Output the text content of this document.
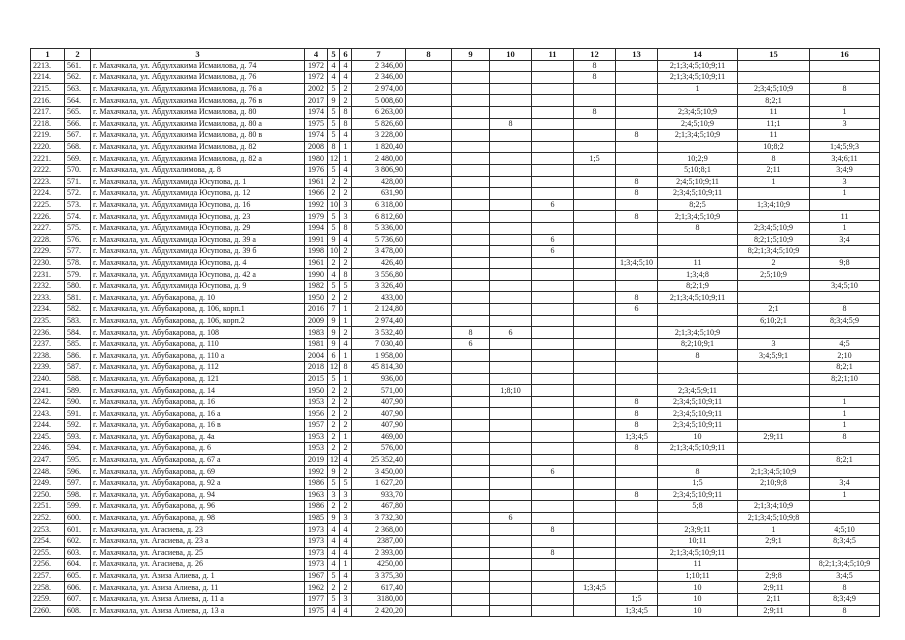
1	2	3	4	5	6	7	8	9	10	11	12	13	14	15	16
2213.	561.	г. Махачкала, ул. Абдулхакима Исмаилова, д. 74	1972	4	4	2 346,00					8		2;1;3;4;5;10;9;11		
2214.	562.	г. Махачкала, ул. Абдулхакима Исмаилова, д. 76	1972	4	4	2 346,00					8		2;1;3;4;5;10;9;11		
2215.	563.	г. Махачкала, ул. Абдулхакима Исмаилова, д. 76 а	2002	5	2	2 974,00							1	2;3;4;5;10;9	8
2216.	564.	г. Махачкала, ул. Абдулхакима Исмаилова, д. 76 в	2017	9	2	5 008,60								8;2;1	
2217.	565.	г. Махачкала, ул. Абдулхакима Исмаилова, д. 80	1974	5	8	6 263,00					8		2;3;4;5;10;9	11	1
2218.	566.	г. Махачкала, ул. Абдулхакима Исмаилова, д. 80 а	1975	5	8	5 826,60			8				2;4;5;10;9	11;1	3
2219.	567.	г. Махачкала, ул. Абдулхакима Исмаилова, д. 80 в	1974	5	4	3 228,00						8	2;1;3;4;5;10;9	11	
2220.	568.	г. Махачкала, ул. Абдулхакима Исмаилова, д. 82	2008	8	1	1 820,40								10;8;2	1;4;5;9;3
2221.	569.	г. Махачкала, ул. Абдулхакима Исмаилова, д. 82 а	1980	12	1	2 480,00					1;5		10;2;9	8	3;4;6;11
2222.	570.	г. Махачкала, ул. Абдулхалимова, д. 8	1976	5	4	3 806,90							5;10;8;1	2;11	3;4;9
2223.	571.	г. Махачкала, ул. Абдулхамида Юсупова, д. 1	1961	2	2	428,00						8	2;4;5;10;9;11	1	3
2224.	572.	г. Махачкала, ул. Абдулхамида Юсупова, д. 12	1966	2	2	631,90						8	2;3;4;5;10;9;11		1
2225.	573.	г. Махачкала, ул. Абдулхамида Юсупова, д. 16	1992	10	3	6 318,00				6			8;2;5	1;3;4;10;9	
2226.	574.	г. Махачкала, ул. Абдулхамида Юсупова, д. 23	1979	5	3	6 812,60						8	2;1;3;4;5;10;9		11
2227.	575.	г. Махачкала, ул. Абдулхамида Юсупова, д. 29	1994	5	8	5 336,00							8	2;3;4;5;10;9	1
2228.	576.	г. Махачкала, ул. Абдулхамида Юсупова, д. 39 а	1991	9	4	5 736,60				6				8;2;1;5;10;9	3;4
2229.	577.	г. Махачкала, ул. Абдулхамида Юсупова, д. 39 б	1998	10	2	3 478,00				6				8;2;1;3;4;5;10;9	
2230.	578.	г. Махачкала, ул. Абдулхамида Юсупова, д. 4	1961	2	2	426,40						1;3;4;5;10	11	2	9;8
2231.	579.	г. Махачкала, ул. Абдулхамида Юсупова, д. 42 а	1990	4	8	3 556,80							1;3;4;8	2;5;10;9	
2232.	580.	г. Махачкала, ул. Абдулхамида Юсупова, д. 9	1982	5	5	3 326,40							8;2;1;9		3;4;5;10
2233.	581.	г. Махачкала, ул. Абубакарова, д. 10	1950	2	2	433,00						8	2;1;3;4;5;10;9;11		
2234.	582.	г. Махачкала, ул. Абубакарова, д. 106, корп.1	2016	7	1	2 124,80						6		2;1	8
2235.	583.	г. Махачкала, ул. Абубакарова, д. 106, корп.2	2009	9	1	2 974,40								6;10;2;1	8;3;4;5;9
2236.	584.	г. Махачкала, ул. Абубакарова, д. 108	1983	9	2	3 532,40		8	6				2;1;3;4;5;10;9		
2237.	585.	г. Махачкала, ул. Абубакарова, д. 110	1981	9	4	7 030,40		6					8;2;10;9;1	3	4;5
2238.	586.	г. Махачкала, ул. Абубакарова, д. 110 а	2004	6	1	1 958,00							8	3;4;5;9;1	2;10
2239.	587.	г. Махачкала, ул. Абубакарова, д. 112	2018	12	8	45 814,30									8;2;1
2240.	588.	г. Махачкала, ул. Абубакарова, д. 121	2015	5	1	936,00									8;2;1;10
2241.	589.	г. Махачкала, ул. Абубакарова, д. 14	1950	2	2	571,00			1;8;10				2;3;4;5;9;11		
2242.	590.	г. Махачкала, ул. Абубакарова, д. 16	1953	2	2	407,90						8	2;3;4;5;10;9;11		1
2243.	591.	г. Махачкала, ул. Абубакарова, д. 16 а	1956	2	2	407,90						8	2;3;4;5;10;9;11		1
2244.	592.	г. Махачкала, ул. Абубакарова, д. 16 в	1957	2	2	407,90						8	2;3;4;5;10;9;11		1
2245.	593.	г. Махачкала, ул. Абубакарова, д. 4а	1953	2	1	469,00						1;3;4;5	10	2;9;11	8
2246.	594.	г. Махачкала, ул. Абубакарова, д. 6	1953	2	2	576,00						8	2;1;3;4;5;10;9;11		
2247.	595.	г. Махачкала, ул. Абубакарова, д. 67 а	2019	12	4	25 352,40									8;2;1
2248.	596.	г. Махачкала, ул. Абубакарова, д. 69	1992	9	2	3 450,00				6			8	2;1;3;4;5;10;9	
2249.	597.	г. Махачкала, ул. Абубакарова, д. 92 а	1986	5	5	1 627,20							1;5	2;10;9;8	3;4
2250.	598.	г. Махачкала, ул. Абубакарова, д. 94	1963	3	3	933,70						8	2;3;4;5;10;9;11		1
2251.	599.	г. Махачкала, ул. Абубакарова, д. 96	1986	2	2	467,80							5;8	2;1;3;4;10;9	
2252.	600.	г. Махачкала, ул. Абубакарова, д. 98	1985	9	3	3 732,30			6					2;1;3;4;5;10;9;8	
2253.	601.	г. Махачкала, ул. Агасиева, д. 23	1973	4	4	2 368,00				8			2;3;9;11	1	4;5;10
2254.	602.	г. Махачкала, ул. Агасиева, д. 23 а	1973	4	4	2387,00							10;11	2;9;1	8;3;4;5
2255.	603.	г. Махачкала, ул. Агасиева, д. 25	1973	4	4	2 393,00				8			2;1;3;4;5;10;9;11		
2256.	604.	г. Махачкала, ул. Агасиева, д. 26	1973	4	1	4250,00							11		8;2;1;3;4;5;10;9
2257.	605.	г. Махачкала, ул. Азиза Алиева, д. 1	1967	5	4	3 375,30							1;10;11	2;9;8	3;4;5
2258.	606.	г. Махачкала, ул. Азиза Алиева, д. 11	1962	2	2	617,40					1;3;4;5		10	2;9;11	8
2259.	607.	г. Махачкала, ул. Азиза Алиева, д. 11 а	1977	5	3	3180,00						1;5	10	2;11	8;3;4;9
2260.	608.	г. Махачкала, ул. Азиза Алиева, д. 13 а	1975	4	4	2 420,20						1;3;4;5	10	2;9;11	8
